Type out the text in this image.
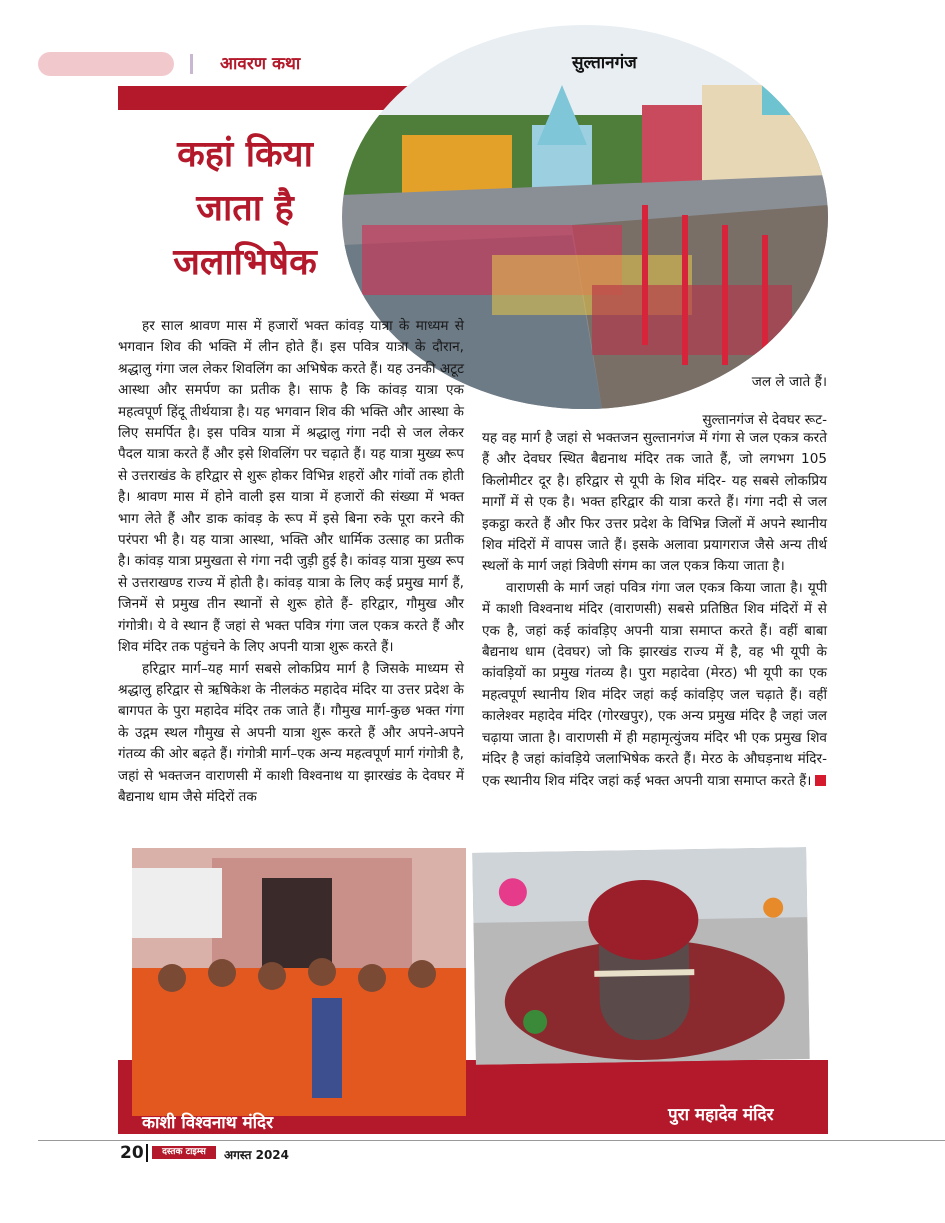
आवरण कथा
कहां किया
जाता है
जलाभिषेक
सुल्तानगंज

हर साल श्रावण मास में हजारों भक्त कांवड़ यात्रा के माध्यम से भगवान शिव की भक्ति में लीन होते हैं। इस पवित्र यात्रा के दौरान, श्रद्धालु गंगा जल लेकर शिवलिंग का अभिषेक करते हैं। यह उनकी अटूट आस्था और समर्पण का प्रतीक है। साफ है कि कांवड़ यात्रा एक महत्वपूर्ण हिंदू तीर्थयात्रा है। यह भगवान शिव की भक्ति और आस्था के लिए समर्पित है। इस पवित्र यात्रा में श्रद्धालु गंगा नदी से जल लेकर पैदल यात्रा करते हैं और इसे शिवलिंग पर चढ़ाते हैं। यह यात्रा मुख्य रूप से उत्तराखंड के हरिद्वार से शुरू होकर विभिन्न शहरों और गांवों तक होती है। श्रावण मास में होने वाली इस यात्रा में हजारों की संख्या में भक्त भाग लेते हैं और डाक कांवड़ के रूप में इसे बिना रुके पूरा करने की परंपरा भी है। यह यात्रा आस्था, भक्ति और धार्मिक उत्साह का प्रतीक है। कांवड़ यात्रा प्रमुखता से गंगा नदी जुड़ी हुई है। कांवड़ यात्रा मुख्य रूप से उत्तराखण्ड राज्य में होती है। कांवड़ यात्रा के लिए कई प्रमुख मार्ग हैं, जिनमें से प्रमुख तीन स्थानों से शुरू होते हैं- हरिद्वार, गौमुख और गंगोत्री। ये वे स्थान हैं जहां से भक्त पवित्र गंगा जल एकत्र करते हैं और शिव मंदिर तक पहुंचने के लिए अपनी यात्रा शुरू करते हैं।

हरिद्वार मार्ग–यह मार्ग सबसे लोकप्रिय मार्ग है जिसके माध्यम से श्रद्धालु हरिद्वार से ऋषिकेश के नीलकंठ महादेव मंदिर या उत्तर प्रदेश के बागपत के पुरा महादेव मंदिर तक जाते हैं। गौमुख मार्ग-कुछ भक्त गंगा के उद्गम स्थल गौमुख से अपनी यात्रा शुरू करते हैं और अपने-अपने गंतव्य की ओर बढ़ते हैं। गंगोत्री मार्ग–एक अन्य महत्वपूर्ण मार्ग गंगोत्री है, जहां से भक्तजन वाराणसी में काशी विश्वनाथ या झारखंड के देवघर में बैद्यनाथ धाम जैसे मंदिरों तक

जल ले जाते हैं।
सुल्तानगंज से देवघर रूट-

यह वह मार्ग है जहां से भक्तजन सुल्तानगंज में गंगा से जल एकत्र करते हैं और देवघर स्थित बैद्यनाथ मंदिर तक जाते हैं, जो लगभग 105 किलोमीटर दूर है। हरिद्वार से यूपी के शिव मंदिर- यह सबसे लोकप्रिय मार्गों में से एक है। भक्त हरिद्वार की यात्रा करते हैं। गंगा नदी से जल इकट्ठा करते हैं और फिर उत्तर प्रदेश के विभिन्न जिलों में अपने स्थानीय शिव मंदिरों में वापस जाते हैं। इसके अलावा प्रयागराज जैसे अन्य तीर्थ स्थलों के मार्ग जहां त्रिवेणी संगम का जल एकत्र किया जाता है।

वाराणसी के मार्ग जहां पवित्र गंगा जल एकत्र किया जाता है। यूपी में काशी विश्वनाथ मंदिर (वाराणसी) सबसे प्रतिष्ठित शिव मंदिरों में से एक है, जहां कई कांवड़िए अपनी यात्रा समाप्त करते हैं। वहीं बाबा बैद्यनाथ धाम (देवघर) जो कि झारखंड राज्य में है, वह भी यूपी के कांवड़ियों का प्रमुख गंतव्य है। पुरा महादेवा (मेरठ) भी यूपी का एक महत्वपूर्ण स्थानीय शिव मंदिर जहां कई कांवड़िए जल चढ़ाते हैं। वहीं कालेश्वर महादेव मंदिर (गोरखपुर), एक अन्य प्रमुख मंदिर है जहां जल चढ़ाया जाता है। वाराणसी में ही महामृत्युंजय मंदिर भी एक प्रमुख शिव मंदिर है जहां कांवड़िये जलाभिषेक करते हैं। मेरठ के औघड़नाथ मंदिर- एक स्थानीय शिव मंदिर जहां कई भक्त अपनी यात्रा समाप्त करते हैं।

काशी विश्वनाथ मंदिर	पुरा महादेव मंदिर
20	दस्तक टाइम्स	अगस्त 2024
